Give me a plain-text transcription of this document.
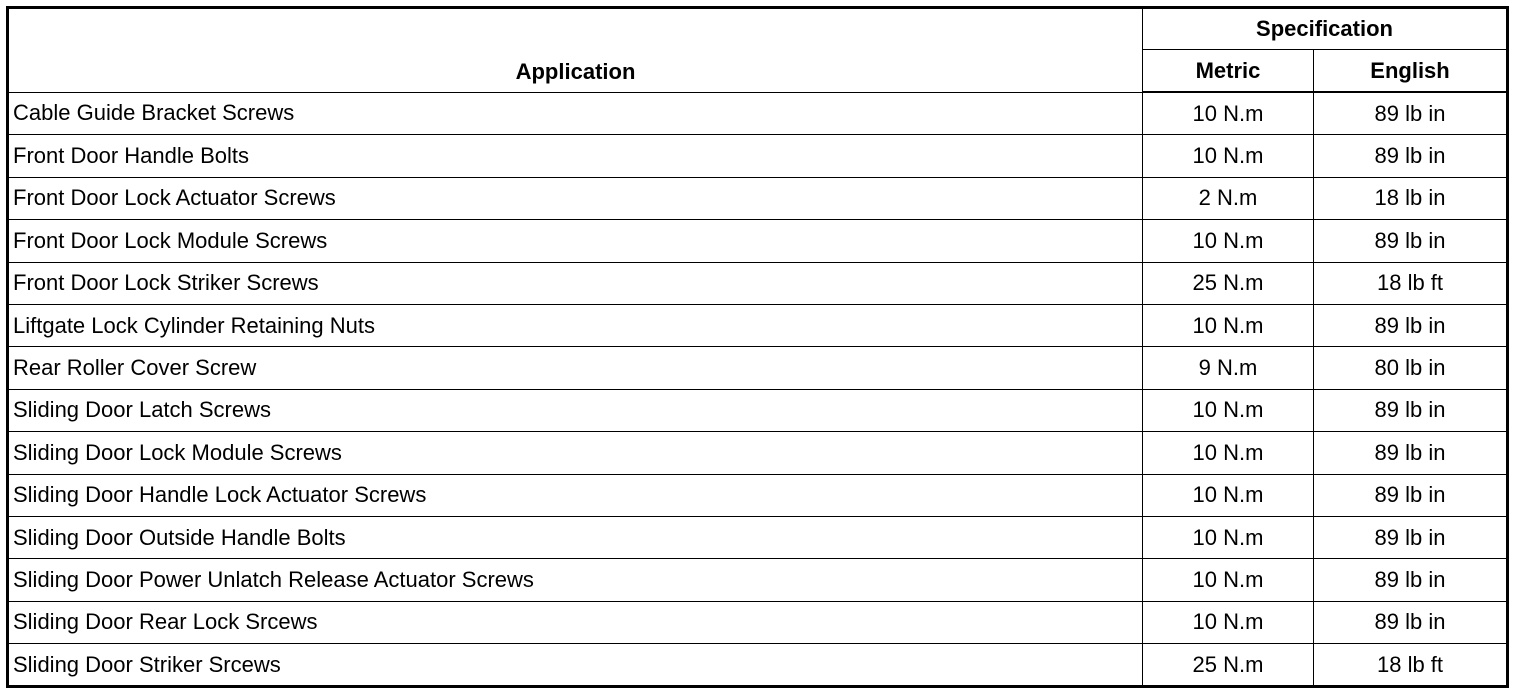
Application	Specification	
	Metric	English
Cable Guide Bracket Screws	10 N.m	89 lb in
Front Door Handle Bolts	10 N.m	89 lb in
Front Door Lock Actuator Screws	2 N.m	18 lb in
Front Door Lock Module Screws	10 N.m	89 lb in
Front Door Lock Striker Screws	25 N.m	18 lb ft
Liftgate Lock Cylinder Retaining Nuts	10 N.m	89 lb in
Rear Roller Cover Screw	9 N.m	80 lb in
Sliding Door Latch Screws	10 N.m	89 lb in
Sliding Door Lock Module Screws	10 N.m	89 lb in
Sliding Door Handle Lock Actuator Screws	10 N.m	89 lb in
Sliding Door Outside Handle Bolts	10 N.m	89 lb in
Sliding Door Power Unlatch Release Actuator Screws	10 N.m	89 lb in
Sliding Door Rear Lock Srcews	10 N.m	89 lb in
Sliding Door Striker Srcews	25 N.m	18 lb ft
